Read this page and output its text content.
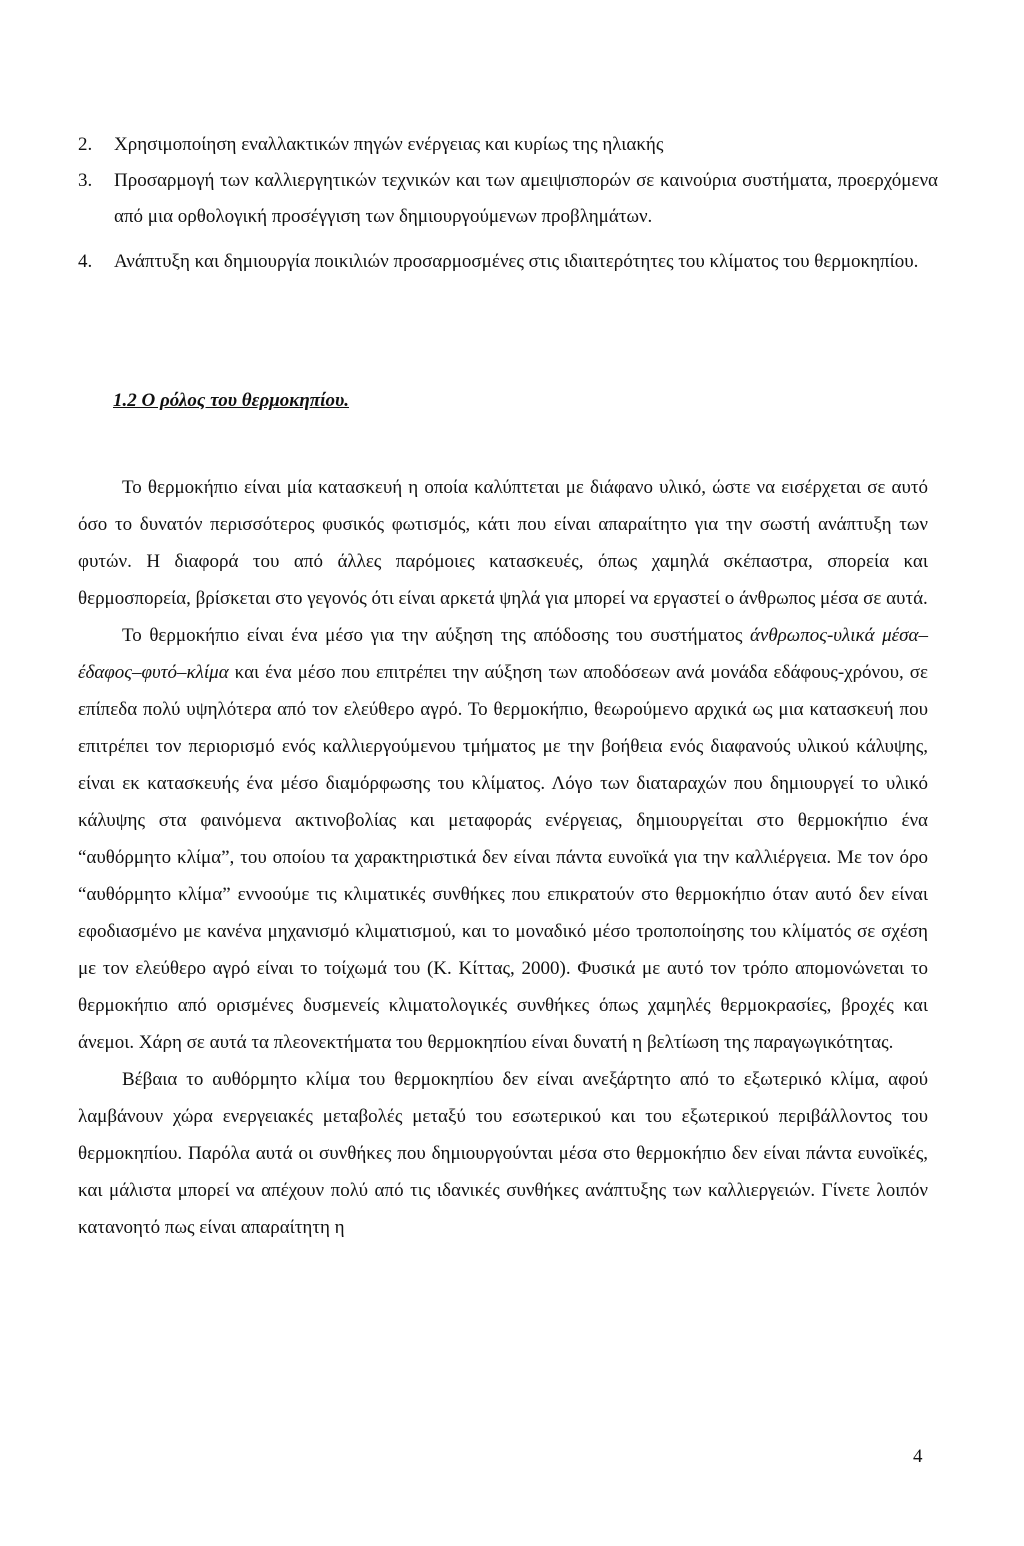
2. Χρησιμοποίηση εναλλακτικών πηγών ενέργειας και κυρίως της ηλιακής
3. Προσαρμογή των καλλιεργητικών τεχνικών και των αμειψισπορών σε καινούρια συστήματα, προερχόμενα από μια ορθολογική προσέγγιση των δημιουργούμενων προβλημάτων.
4. Ανάπτυξη και δημιουργία ποικιλιών προσαρμοσμένες στις ιδιαιτερότητες του κλίματος του θερμοκηπίου.
1.2 Ο ρόλος του θερμοκηπίου.

Το θερμοκήπιο είναι μία κατασκευή η οποία καλύπτεται με διάφανο υλικό, ώστε να εισέρχεται σε αυτό όσο το δυνατόν περισσότερος φυσικός φωτισμός, κάτι που είναι απαραίτητο για την σωστή ανάπτυξη των φυτών. Η διαφορά του από άλλες παρόμοιες κατασκευές, όπως χαμηλά σκέπαστρα, σπορεία και θερμοσπορεία, βρίσκεται στο γεγονός ότι είναι αρκετά ψηλά για μπορεί να εργαστεί ο άνθρωπος μέσα σε αυτά.

Το θερμοκήπιο είναι ένα μέσο για την αύξηση της απόδοσης του συστήματος άνθρωπος-υλικά μέσα–έδαφος–φυτό–κλίμα και ένα μέσο που επιτρέπει την αύξηση των αποδόσεων ανά μονάδα εδάφους-χρόνου, σε επίπεδα πολύ υψηλότερα από τον ελεύθερο αγρό. Το θερμοκήπιο, θεωρούμενο αρχικά ως μια κατασκευή που επιτρέπει τον περιορισμό ενός καλλιεργούμενου τμήματος με την βοήθεια ενός διαφανούς υλικού κάλυψης, είναι εκ κατασκευής ένα μέσο διαμόρφωσης του κλίματος. Λόγο των διαταραχών που δημιουργεί το υλικό κάλυψης στα φαινόμενα ακτινοβολίας και μεταφοράς ενέργειας, δημιουργείται στο θερμοκήπιο ένα “αυθόρμητο κλίμα”, του οποίου τα χαρακτηριστικά δεν είναι πάντα ευνοϊκά για την καλλιέργεια. Με τον όρο “αυθόρμητο κλίμα” εννοούμε τις κλιματικές συνθήκες που επικρατούν στο θερμοκήπιο όταν αυτό δεν είναι εφοδιασμένο με κανένα μηχανισμό κλιματισμού, και το μοναδικό μέσο τροποποίησης του κλίματός σε σχέση με τον ελεύθερο αγρό είναι το τοίχωμά του (Κ. Κίττας, 2000). Φυσικά με αυτό τον τρόπο απομονώνεται το θερμοκήπιο από ορισμένες δυσμενείς κλιματολογικές συνθήκες όπως χαμηλές θερμοκρασίες, βροχές και άνεμοι. Χάρη σε αυτά τα πλεονεκτήματα του θερμοκηπίου είναι δυνατή η βελτίωση της παραγωγικότητας.

Βέβαια το αυθόρμητο κλίμα του θερμοκηπίου δεν είναι ανεξάρτητο από το εξωτερικό κλίμα, αφού λαμβάνουν χώρα ενεργειακές μεταβολές μεταξύ του εσωτερικού και του εξωτερικού περιβάλλοντος του θερμοκηπίου. Παρόλα αυτά οι συνθήκες που δημιουργούνται μέσα στο θερμοκήπιο δεν είναι πάντα ευνοϊκές, και μάλιστα μπορεί να απέχουν πολύ από τις ιδανικές συνθήκες ανάπτυξης των καλλιεργειών. Γίνετε λοιπόν κατανοητό πως είναι απαραίτητη η

4
